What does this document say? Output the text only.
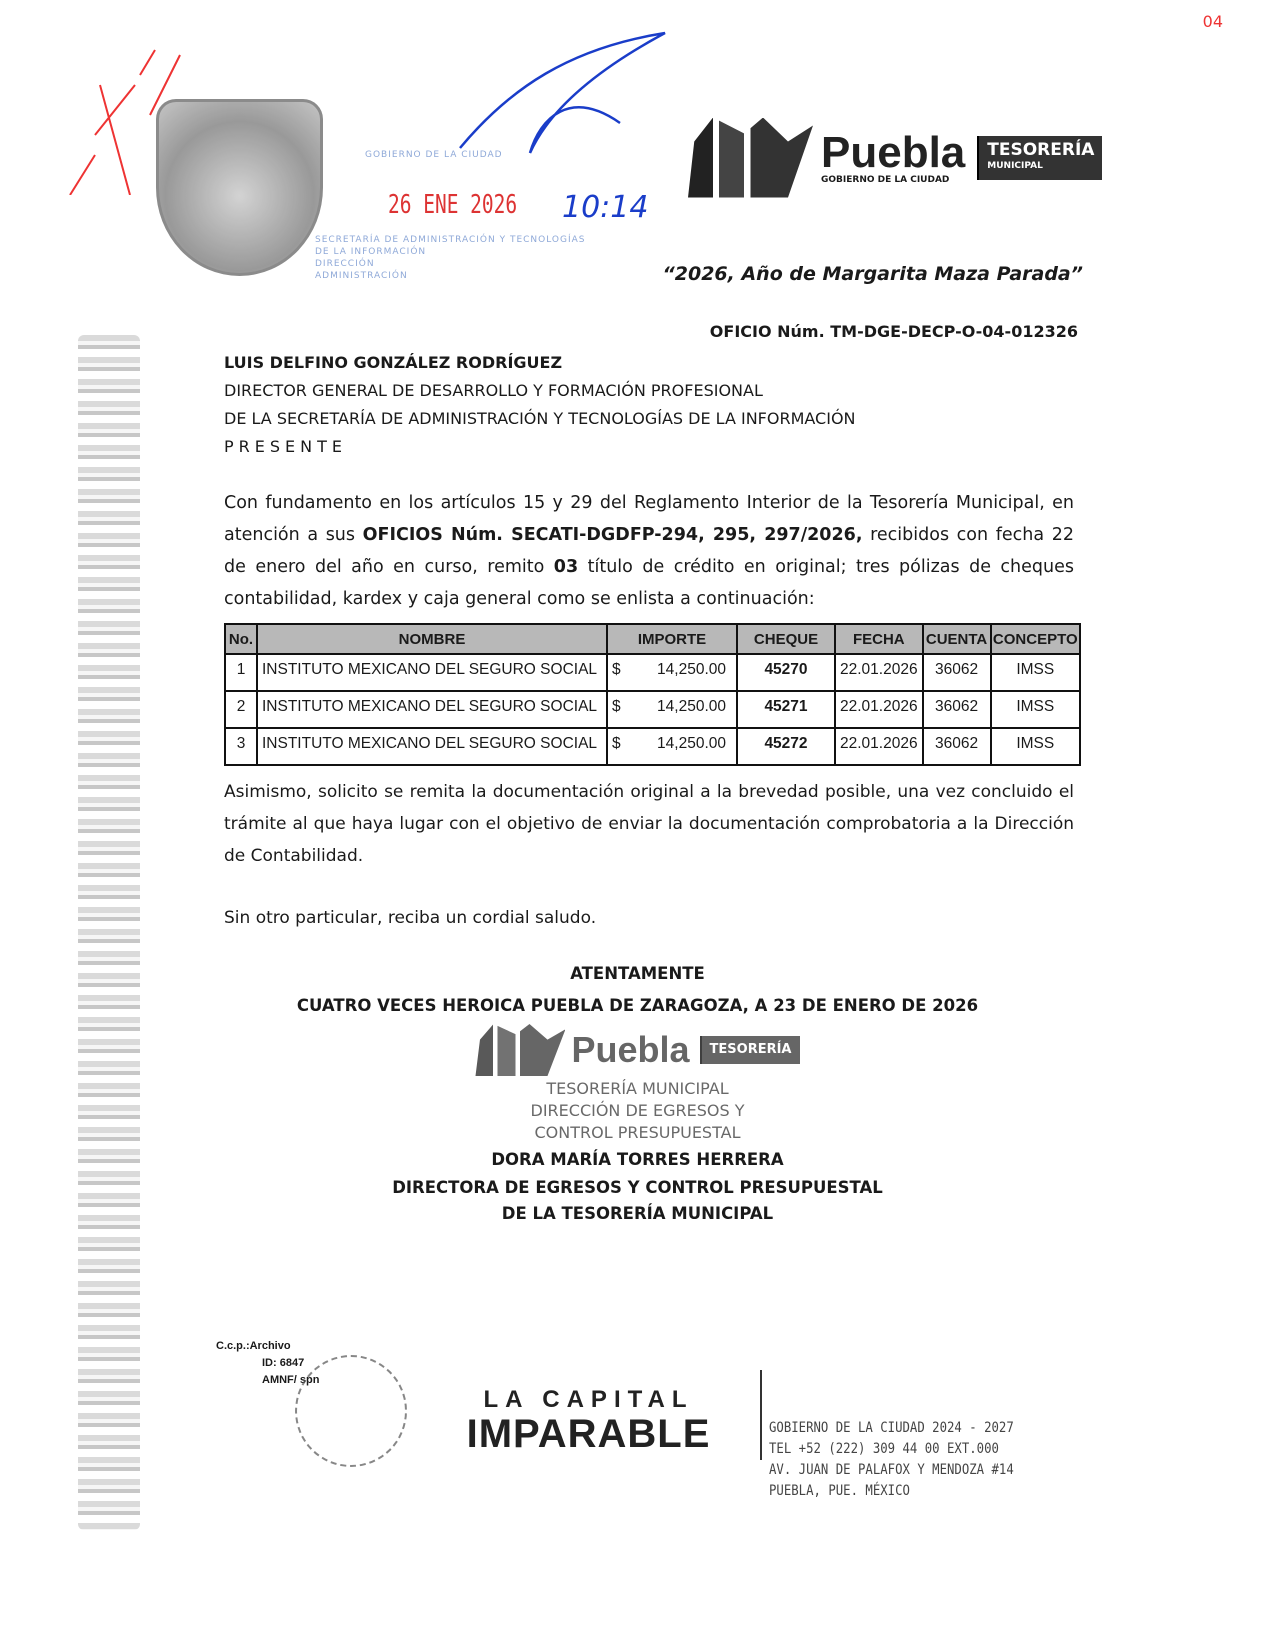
04
GOBIERNO DE LA CIUDAD
SECRETARÍA DE ADMINISTRACIÓN Y TECNOLOGÍAS
DE LA INFORMACIÓN
DIRECCIÓN
ADMINISTRACIÓN
26 ENE 2026 10:14
Puebla
GOBIERNO DE LA CIUDAD
TESORERÍA
MUNICIPAL
“2026, Año de Margarita Maza Parada”
OFICIO Núm. TM-DGE-DECP-O-04-012326
LUIS DELFINO GONZÁLEZ RODRÍGUEZ
DIRECTOR GENERAL DE DESARROLLO Y FORMACIÓN PROFESIONAL
DE LA SECRETARÍA DE ADMINISTRACIÓN Y TECNOLOGÍAS DE LA INFORMACIÓN
PRESENTE
Con fundamento en los artículos 15 y 29 del Reglamento Interior de la Tesorería Municipal, en atención a sus OFICIOS Núm. SECATI-DGDFP-294, 295, 297/2026, recibidos con fecha 22 de enero del año en curso, remito 03 título de crédito en original; tres pólizas de cheques contabilidad, kardex y caja general como se enlista a continuación:
No.	NOMBRE	IMPORTE	CHEQUE	FECHA	CUENTA	CONCEPTO
1	INSTITUTO MEXICANO DEL SEGURO SOCIAL	$ 14,250.00	45270	22.01.2026	36062	IMSS
2	INSTITUTO MEXICANO DEL SEGURO SOCIAL	$ 14,250.00	45271	22.01.2026	36062	IMSS
3	INSTITUTO MEXICANO DEL SEGURO SOCIAL	$ 14,250.00	45272	22.01.2026	36062	IMSS
Asimismo, solicito se remita la documentación original a la brevedad posible, una vez concluido el trámite al que haya lugar con el objetivo de enviar la documentación comprobatoria a la Dirección de Contabilidad.
Sin otro particular, reciba un cordial saludo.
ATENTAMENTE
CUATRO VECES HEROICA PUEBLA DE ZARAGOZA, A 23 DE ENERO DE 2026
Puebla	TESORERÍA
TESORERÍA MUNICIPAL
DIRECCIÓN DE EGRESOS Y
CONTROL PRESUPUESTAL
DORA MARÍA TORRES HERRERA
DIRECTORA DE EGRESOS Y CONTROL PRESUPUESTAL
DE LA TESORERÍA MUNICIPAL
C.c.p.:Archivo
ID: 6847
AMNF/ spn
LA CAPITAL
IMPARABLE	GOBIERNO DE LA CIUDAD 2024 - 2027
TEL +52 (222) 309 44 00 EXT.000
AV. JUAN DE PALAFOX Y MENDOZA #14
PUEBLA, PUE. MÉXICO
